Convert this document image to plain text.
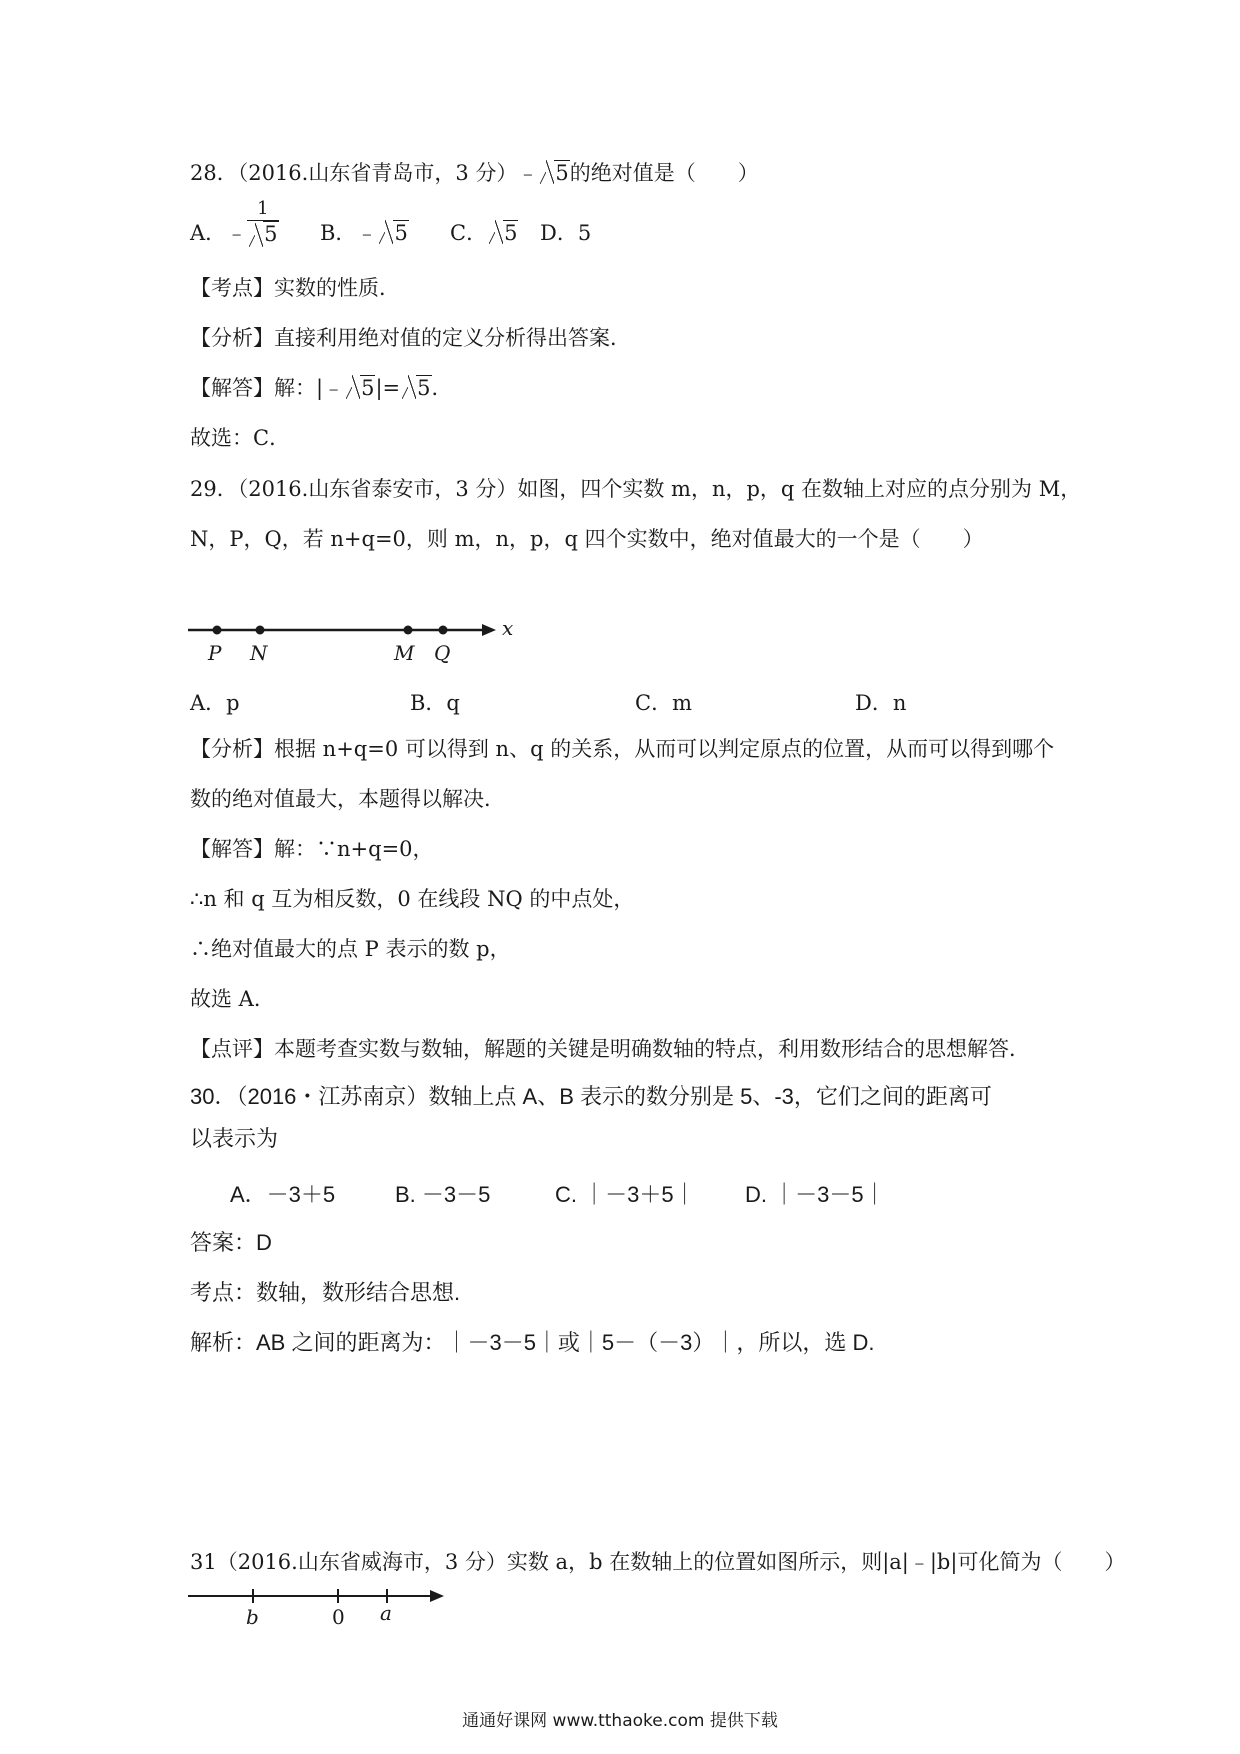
28．（2016.山东省青岛市，3 分）﹣ 5的绝对值是（　　）
A．﹣ $\frac{1}{5}$ B．﹣ 5 C． 5 D．5
【考点】实数的性质．
【分析】直接利用绝对值的定义分析得出答案．
【解答】解：|﹣ 5|= 5．
故选：C．
29．（2016.山东省泰安市，3 分）如图，四个实数 m，n，p，q 在数轴上对应的点分别为 M，
N，P，Q，若 n+q=0，则 m，n，p，q 四个实数中，绝对值最大的一个是（　　）
x
P N	M Q
A．p	B．q	C．m	D．n
【分析】根据 n+q=0 可以得到 n、q 的关系，从而可以判定原点的位置，从而可以得到哪个
数的绝对值最大，本题得以解决．
【解答】解：∵n+q=0，
∴n 和 q 互为相反数，0 在线段 NQ 的中点处，
∴绝对值最大的点 P 表示的数 p，
故选 A．
【点评】本题考查实数与数轴，解题的关键是明确数轴的特点，利用数形结合的思想解答．
30．（2016・江苏南京）数轴上点 A、B 表示的数分别是 5、-3，它们之间的距离可
以表示为
A．－3＋5	B. －3－5	C. ｜－3＋5｜ D. ｜－3－5｜
答案：D
考点：数轴，数形结合思想.
解析：AB 之间的距离为：｜－3－5｜或｜5－（－3）｜，所以，选 D.
31（2016.山东省威海市，3 分）实数 a，b 在数轴上的位置如图所示，则|a|﹣|b|可化简为（　　）
b	0 a
通通好课网 www.tthaoke.com 提供下载
